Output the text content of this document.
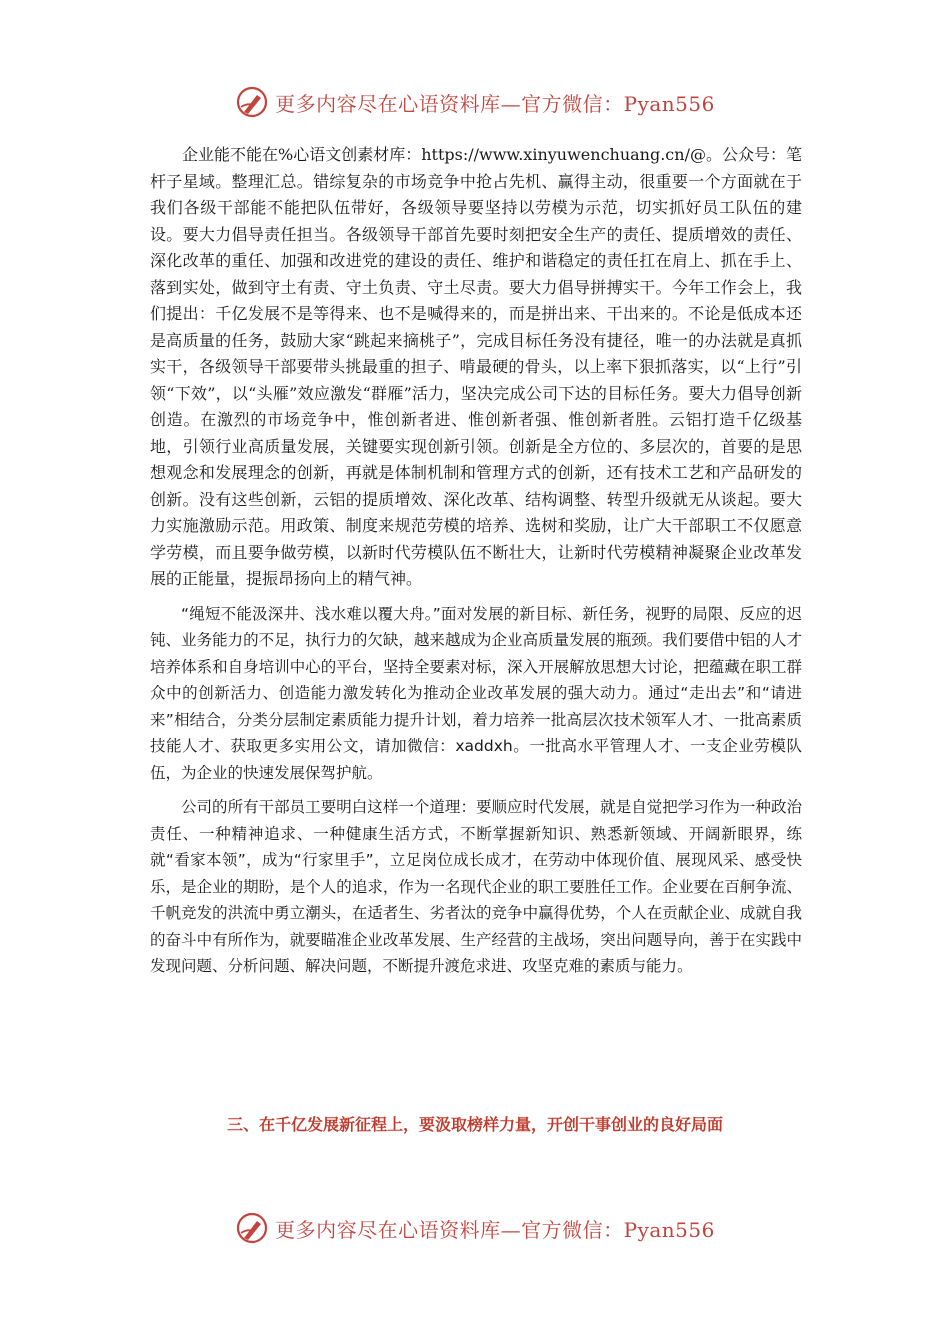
更多内容尽在心语资料库—官方微信：Pyan556

企业能不能在%心语文创素材库：https://www.xinyuwenchuang.cn/@。公众号：笔杆子星域。整理汇总。错综复杂的市场竞争中抢占先机、赢得主动，很重要一个方面就在于我们各级干部能不能把队伍带好，各级领导要坚持以劳模为示范，切实抓好员工队伍的建设。要大力倡导责任担当。各级领导干部首先要时刻把安全生产的责任、提质增效的责任、深化改革的重任、加强和改进党的建设的责任、维护和谐稳定的责任扛在肩上、抓在手上、落到实处，做到守土有责、守土负责、守土尽责。要大力倡导拼搏实干。今年工作会上，我们提出：千亿发展不是等得来、也不是喊得来的，而是拼出来、干出来的。不论是低成本还是高质量的任务，鼓励大家“跳起来摘桃子”，完成目标任务没有捷径，唯一的办法就是真抓实干，各级领导干部要带头挑最重的担子、啃最硬的骨头，以上率下狠抓落实，以“上行”引领“下效”，以“头雁”效应激发“群雁”活力，坚决完成公司下达的目标任务。要大力倡导创新创造。在激烈的市场竞争中，惟创新者进、惟创新者强、惟创新者胜。云铝打造千亿级基地，引领行业高质量发展，关键要实现创新引领。创新是全方位的、多层次的，首要的是思想观念和发展理念的创新，再就是体制机制和管理方式的创新，还有技术工艺和产品研发的创新。没有这些创新，云铝的提质增效、深化改革、结构调整、转型升级就无从谈起。要大力实施激励示范。用政策、制度来规范劳模的培养、选树和奖励，让广大干部职工不仅愿意学劳模，而且要争做劳模，以新时代劳模队伍不断壮大，让新时代劳模精神凝聚企业改革发展的正能量，提振昂扬向上的精气神。

“绳短不能汲深井、浅水难以覆大舟。”面对发展的新目标、新任务，视野的局限、反应的迟钝、业务能力的不足，执行力的欠缺，越来越成为企业高质量发展的瓶颈。我们要借中铝的人才培养体系和自身培训中心的平台，坚持全要素对标，深入开展解放思想大讨论，把蕴藏在职工群众中的创新活力、创造能力激发转化为推动企业改革发展的强大动力。通过“走出去”和“请进来”相结合，分类分层制定素质能力提升计划，着力培养一批高层次技术领军人才、一批高素质技能人才、获取更多实用公文，请加微信：xaddxh。一批高水平管理人才、一支企业劳模队伍，为企业的快速发展保驾护航。

公司的所有干部员工要明白这样一个道理：要顺应时代发展，就是自觉把学习作为一种政治责任、一种精神追求、一种健康生活方式，不断掌握新知识、熟悉新领域、开阔新眼界，练就“看家本领”，成为“行家里手”，立足岗位成长成才，在劳动中体现价值、展现风采、感受快乐，是企业的期盼，是个人的追求，作为一名现代企业的职工要胜任工作。企业要在百舸争流、千帆竞发的洪流中勇立潮头，在适者生、劣者汰的竞争中赢得优势，个人在贡献企业、成就自我的奋斗中有所作为，就要瞄准企业改革发展、生产经营的主战场，突出问题导向，善于在实践中发现问题、分析问题、解决问题，不断提升渡危求进、攻坚克难的素质与能力。

三、在千亿发展新征程上，要汲取榜样力量，开创干事创业的良好局面
更多内容尽在心语资料库—官方微信：Pyan556
